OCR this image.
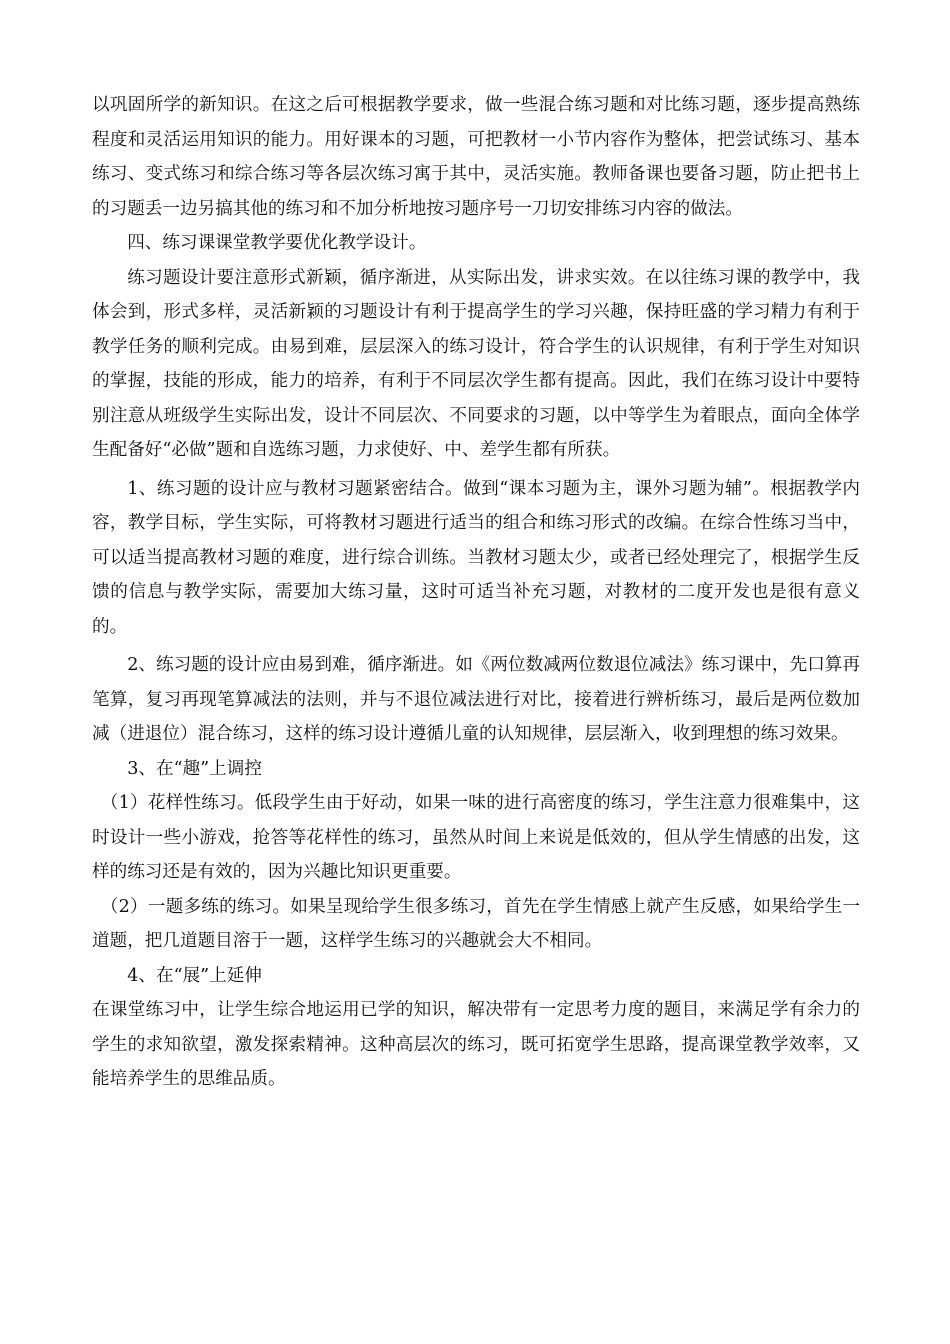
以巩固所学的新知识。在这之后可根据教学要求，做一些混合练习题和对比练习题，逐步提高熟练程度和灵活运用知识的能力。用好课本的习题，可把教材一小节内容作为整体，把尝试练习、基本练习、变式练习和综合练习等各层次练习寓于其中，灵活实施。教师备课也要备习题，防止把书上的习题丢一边另搞其他的练习和不加分析地按习题序号一刀切安排练习内容的做法。

四、练习课课堂教学要优化教学设计。

练习题设计要注意形式新颖，循序渐进，从实际出发，讲求实效。在以往练习课的教学中，我体会到，形式多样，灵活新颖的习题设计有利于提高学生的学习兴趣，保持旺盛的学习精力有利于教学任务的顺利完成。由易到难，层层深入的练习设计，符合学生的认识规律，有利于学生对知识的掌握，技能的形成，能力的培养，有利于不同层次学生都有提高。因此，我们在练习设计中要特别注意从班级学生实际出发，设计不同层次、不同要求的习题，以中等学生为着眼点，面向全体学生配备好“必做”题和自选练习题，力求使好、中、差学生都有所获。

1、练习题的设计应与教材习题紧密结合。做到“课本习题为主，课外习题为辅”。根据教学内容，教学目标，学生实际，可将教材习题进行适当的组合和练习形式的改编。在综合性练习当中，可以适当提高教材习题的难度，进行综合训练。当教材习题太少，或者已经处理完了，根据学生反馈的信息与教学实际，需要加大练习量，这时可适当补充习题，对教材的二度开发也是很有意义的。

2、练习题的设计应由易到难，循序渐进。如《两位数减两位数退位减法》练习课中，先口算再笔算，复习再现笔算减法的法则，并与不退位减法进行对比，接着进行辨析练习，最后是两位数加减（进退位）混合练习，这样的练习设计遵循儿童的认知规律，层层渐入，收到理想的练习效果。

3、在“趣”上调控

（1）花样性练习。低段学生由于好动，如果一味的进行高密度的练习，学生注意力很难集中，这时设计一些小游戏，抢答等花样性的练习，虽然从时间上来说是低效的，但从学生情感的出发，这样的练习还是有效的，因为兴趣比知识更重要。

（2）一题多练的练习。如果呈现给学生很多练习，首先在学生情感上就产生反感，如果给学生一道题，把几道题目溶于一题，这样学生练习的兴趣就会大不相同。

4、在“展”上延伸

在课堂练习中，让学生综合地运用已学的知识，解决带有一定思考力度的题目，来满足学有余力的学生的求知欲望，激发探索精神。这种高层次的练习，既可拓宽学生思路，提高课堂教学效率，又能培养学生的思维品质。
